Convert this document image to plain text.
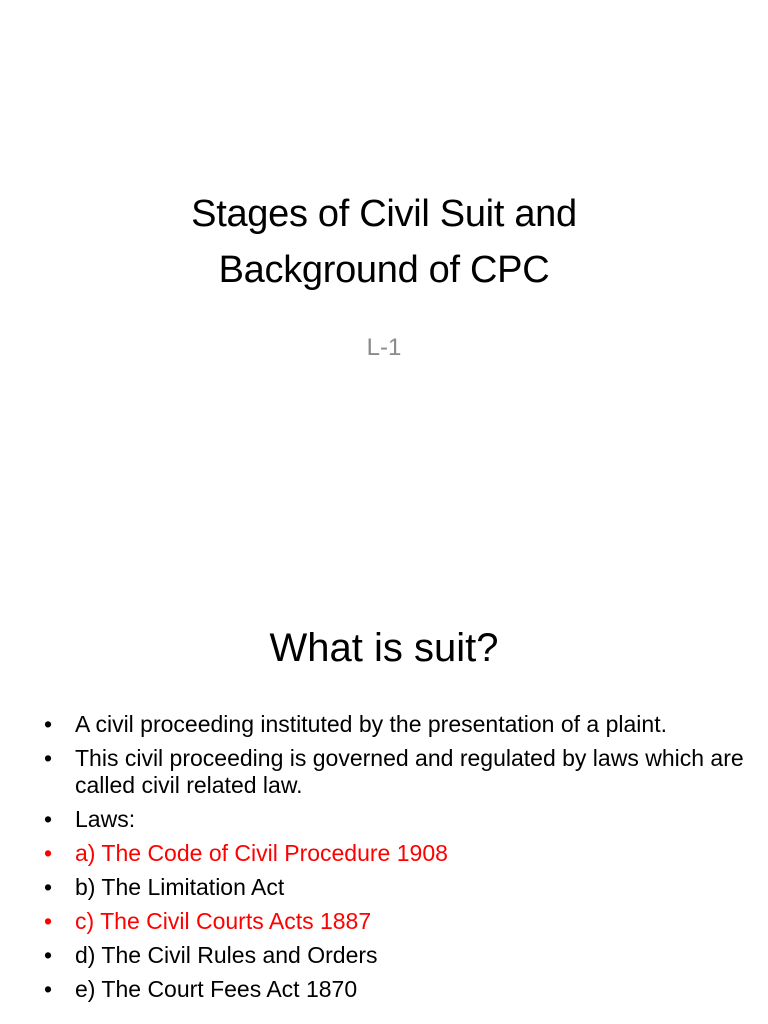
Stages of Civil Suit and
Background of CPC
L-1
What is suit?
• A civil proceeding instituted by the presentation of a plaint.
• This civil proceeding is governed and regulated by laws which are called civil related law.
• Laws:
• a) The Code of Civil Procedure 1908
• b) The Limitation Act
• c) The Civil Courts Acts 1887
• d) The Civil Rules and Orders
• e) The Court Fees Act 1870
